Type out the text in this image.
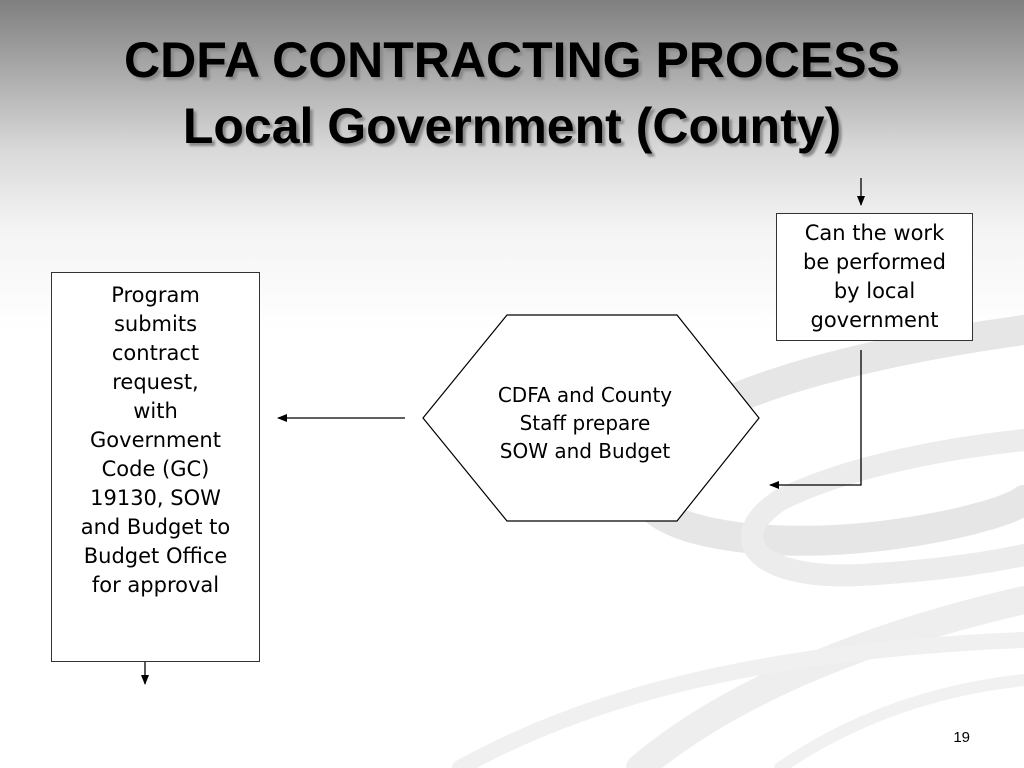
CDFA CONTRACTING PROCESS
Local Government (County)
Program
submits
contract
request,
with
Government
Code (GC)
19130, SOW
and Budget to
Budget Office
for approval
Can the work
be performed
by local
government
CDFA and County
Staff prepare
SOW and Budget
19
